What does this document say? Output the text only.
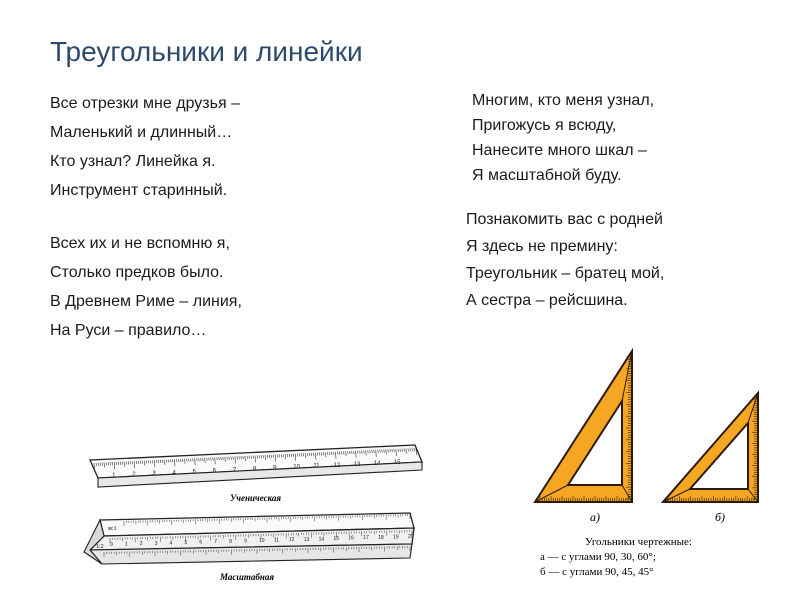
Треугольники и линейки
Все отрезки мне друзья –
Маленький и длинный…
Кто узнал? Линейка я.
Инструмент старинный.
Всех их и не вспомню я,
Столько предков было.
В Древнем Риме – линия,
На Руси – правило…
Многим, кто меня узнал,
Пригожусь я всюду,
Нанесите много шкал –
Я масштабной буду.
Познакомить вас с родней
Я здесь не премину:
Треугольник – братец мой,
А сестра – рейсшина.
1	2	3	4	5	6	7	8	9	10 11 12 13 14 15
Ученическая
0 1 2 3 4 5 6 7 8 9 10 11 12 13 14 15 16 17 18 19 20
м:1
1:2
Масштабная
а)	б)
Угольники чертежные:
а — с углами 90, 30, 60°;
б — с углами 90, 45, 45°
